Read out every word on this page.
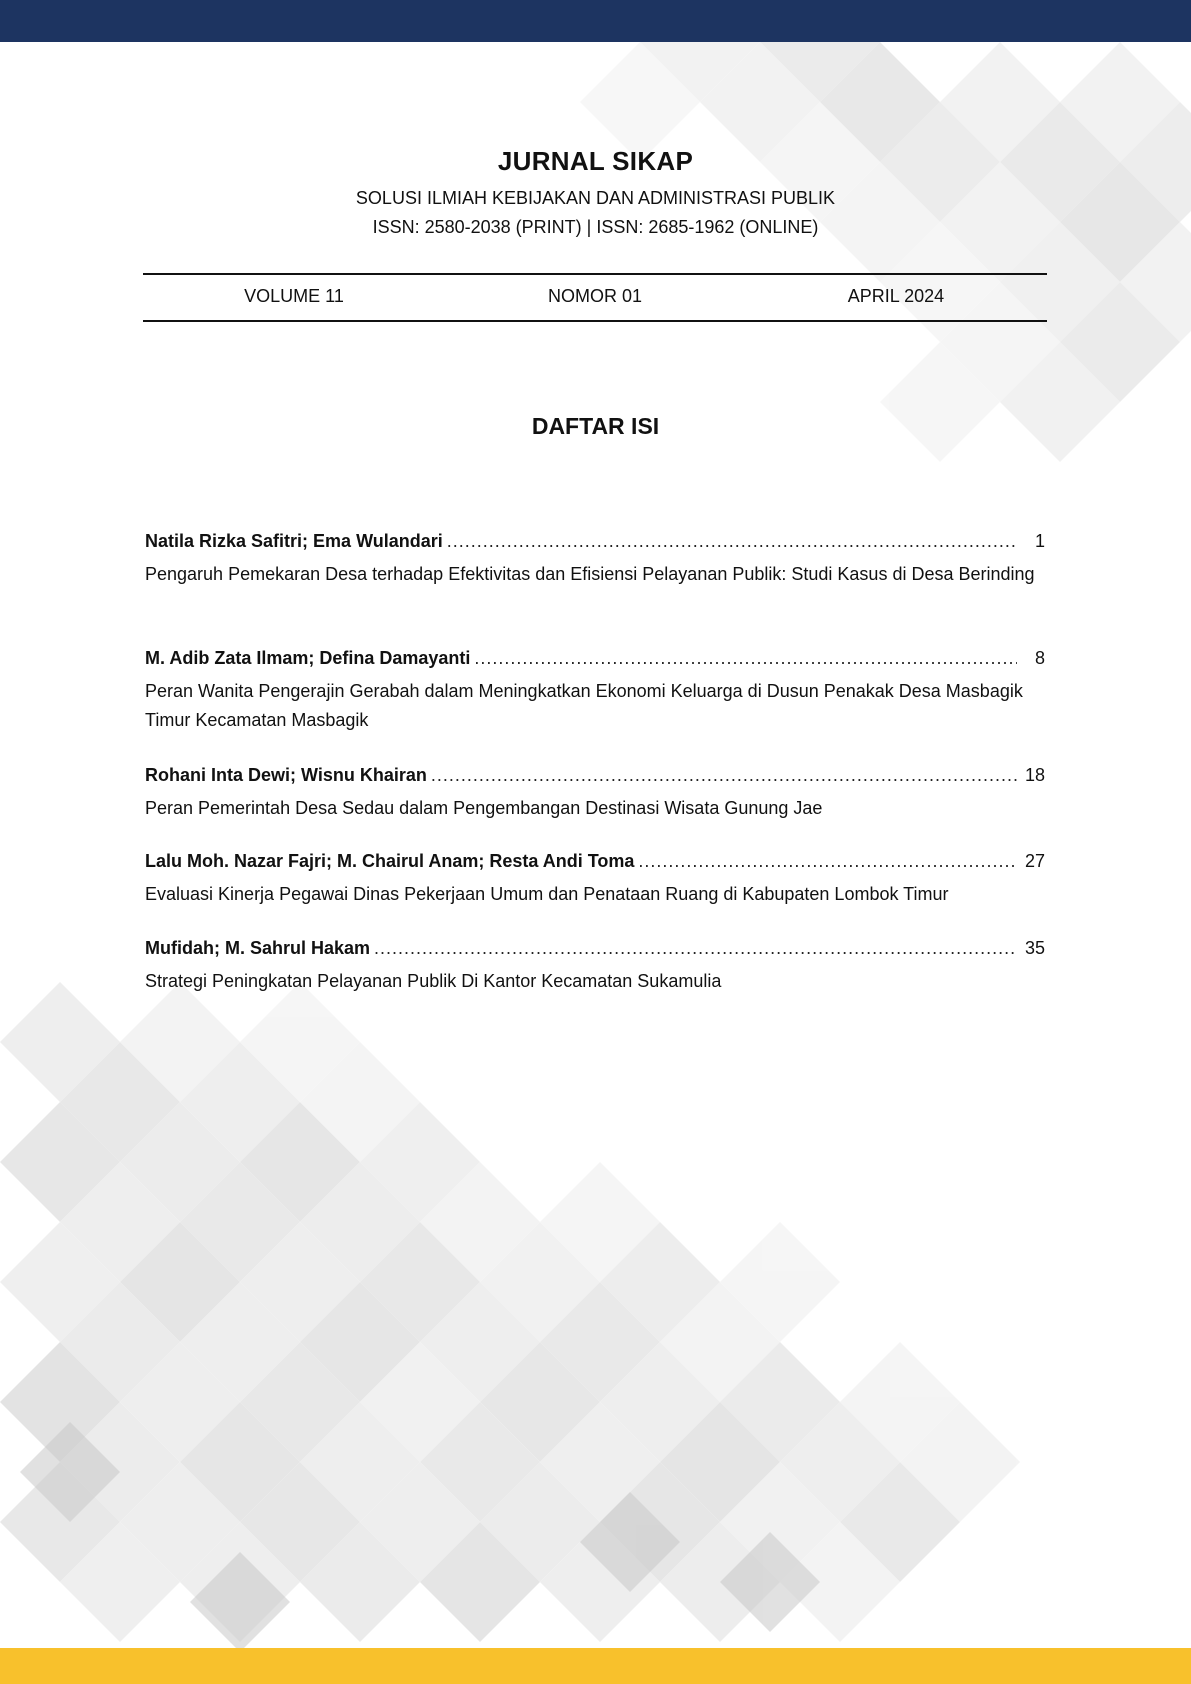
JURNAL SIKAP
SOLUSI ILMIAH KEBIJAKAN DAN ADMINISTRASI PUBLIK
ISSN: 2580-2038 (PRINT) | ISSN: 2685-1962 (ONLINE)
VOLUME 11	NOMOR 01	APRIL 2024
DAFTAR ISI
Natila Rizka Safitri; Ema Wulandari .....	1
Pengaruh Pemekaran Desa terhadap Efektivitas dan Efisiensi Pelayanan Publik: Studi Kasus di Desa Berinding
M. Adib Zata Ilmam; Defina Damayanti .....	8
Peran Wanita Pengerajin Gerabah dalam Meningkatkan Ekonomi Keluarga di Dusun Penakak Desa Masbagik Timur Kecamatan Masbagik
Rohani Inta Dewi; Wisnu Khairan .....	18
Peran Pemerintah Desa Sedau dalam Pengembangan Destinasi Wisata Gunung Jae
Lalu Moh. Nazar Fajri; M. Chairul Anam; Resta Andi Toma .....	27
Evaluasi Kinerja Pegawai Dinas Pekerjaan Umum dan Penataan Ruang di Kabupaten Lombok Timur
Mufidah; M. Sahrul Hakam .....	35
Strategi Peningkatan Pelayanan Publik Di Kantor Kecamatan Sukamulia
